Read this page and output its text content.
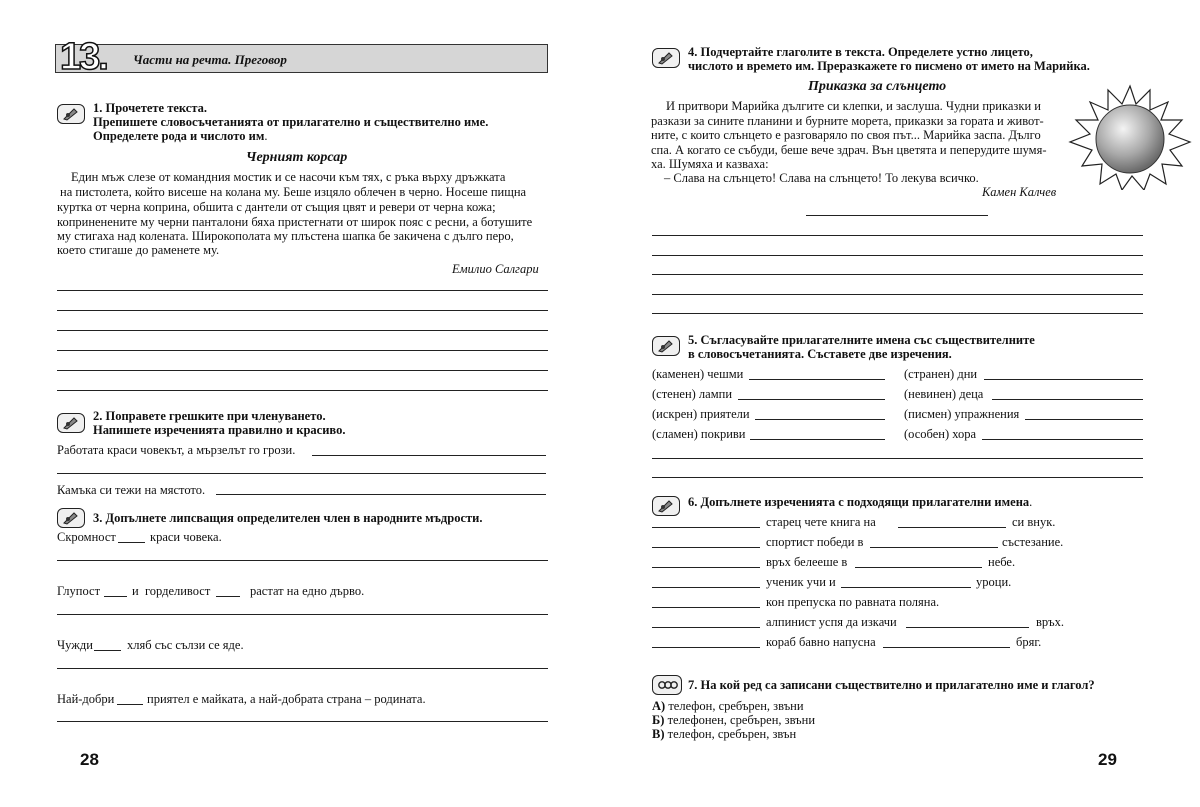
13. Части на речта. Преговор
1. Прочетете текста.
Препишете словосъчетанията от прилагателно и съществително име.
Определете рода и числото им.
Черният корсар
Един мъж слезе от командния мостик и се насочи към тях, с ръка върху дръжката
на пистолета, който висеше на колана му. Беше изцяло облечен в черно. Носеше пищна
куртка от черна коприна, обшита с дантели от същия цвят и ревери от черна кожа;
коприненените му черни панталони бяха пристегнати от широк пояс с ресни, а ботушите
му стигаха над колената. Широкополата му плъстена шапка бе закичена с дълго перо,
което стигаше до раменете му.
Емилио Салгари
2. Поправете грешките при членуването.
Напишете изреченията правилно и красиво.
Работата краси човекът, а мързелът го грози.
Камъка си тежи на мястото.
3. Допълнете липсващия определителен член в народните мъдрости.
Скромност	краси човека.
Глупост	и  горделивост	растат на едно дърво.
Чужди	хляб със сълзи се яде.
Най-добри	приятел е майката, а най-добрата страна – родината.
28
4. Подчертайте глаголите в текста. Определете устно лицето,
числото и времето им. Преразкажете го писмено от името на Марийка.
Приказка за слънцето
И притвори Марийка дългите си клепки, и заслуша. Чудни приказки и
разкази за сините планини и бурните морета, приказки за гората и живот-
ните, с които слънцето е разговаряло по своя път... Марийка заспа. Дълго
спа. А когато се събуди, беше вече здрач. Вън цветята и пеперудите шумя-
ха. Шумяха и казваха:
– Слава на слънцето! Слава на слънцето! То лекува всичко.
Камен Калчев
5. Съгласувайте прилагателните имена със съществителните
в словосъчетанията. Съставете две изречения.
(каменен) чешми	(странен) дни
(стенен) лампи	(невинен) деца
(искрен) приятели	(писмен) упражнения
(сламен) покриви	(особен) хора
6. Допълнете изреченията с подходящи прилагателни имена.
старец чете книга на	си внук.
спортист победи в	състезание.
връх белееше в	небе.
ученик учи и	уроци.
кон препуска по равната поляна.
алпинист успя да изкачи	връх.
кораб бавно напусна	бряг.
7. На кой ред са записани съществително и прилагателно име и глагол?
А) телефон, сребърен, звъни
Б) телефонен, сребърен, звъни
В) телефон, сребърен, звън
29
